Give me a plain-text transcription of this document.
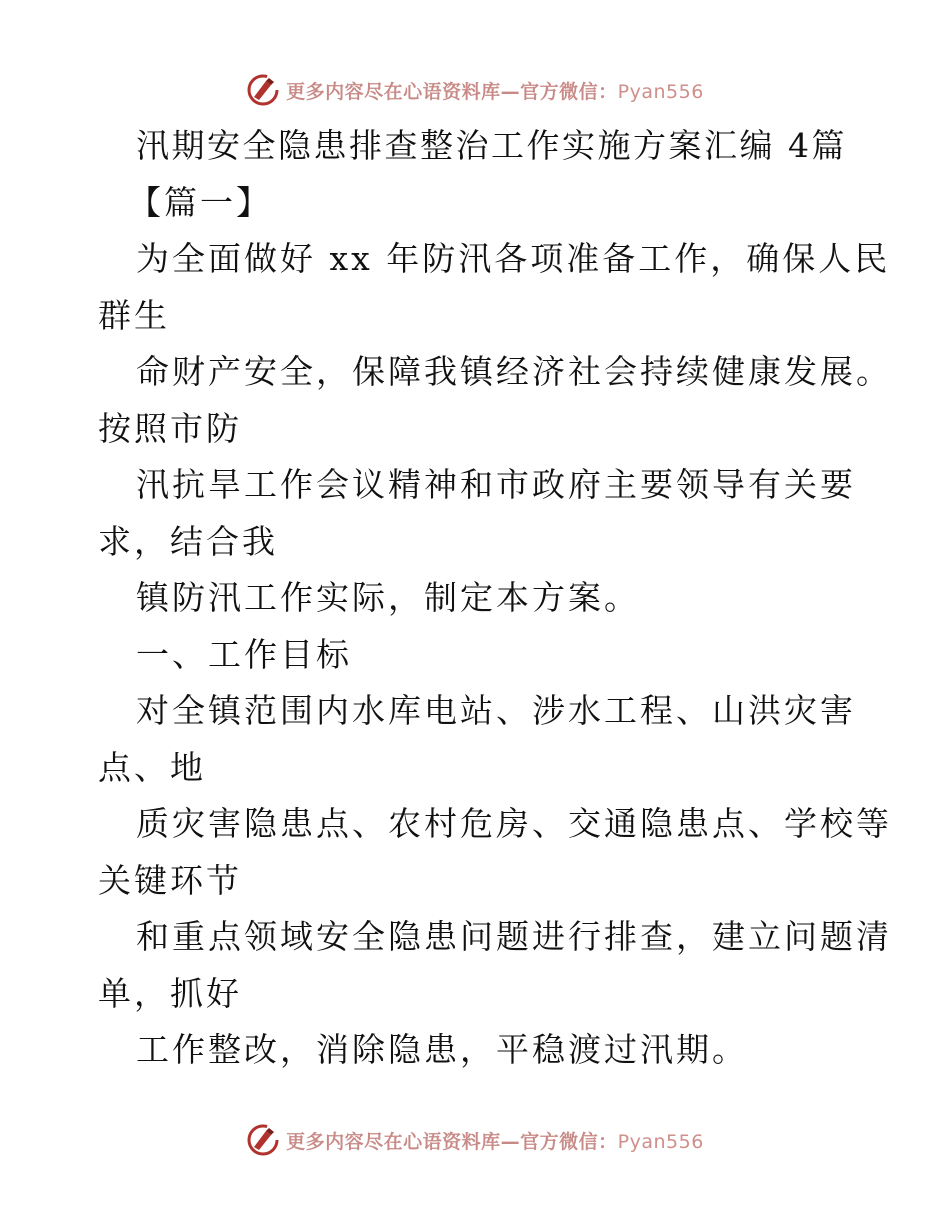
更多内容尽在心语资料库—官方微信：Pyan556
汛期安全隐患排查整治工作实施方案汇编 4篇
【篇一】
为全面做好 xx 年防汛各项准备工作，确保人民
群生
命财产安全，保障我镇经济社会持续健康发展。
按照市防
汛抗旱工作会议精神和市政府主要领导有关要
求，结合我
镇防汛工作实际，制定本方案。
一、工作目标
对全镇范围内水库电站、涉水工程、山洪灾害
点、地
质灾害隐患点、农村危房、交通隐患点、学校等
关键环节
和重点领域安全隐患问题进行排查，建立问题清
单，抓好
工作整改，消除隐患，平稳渡过汛期。
更多内容尽在心语资料库—官方微信：Pyan556
